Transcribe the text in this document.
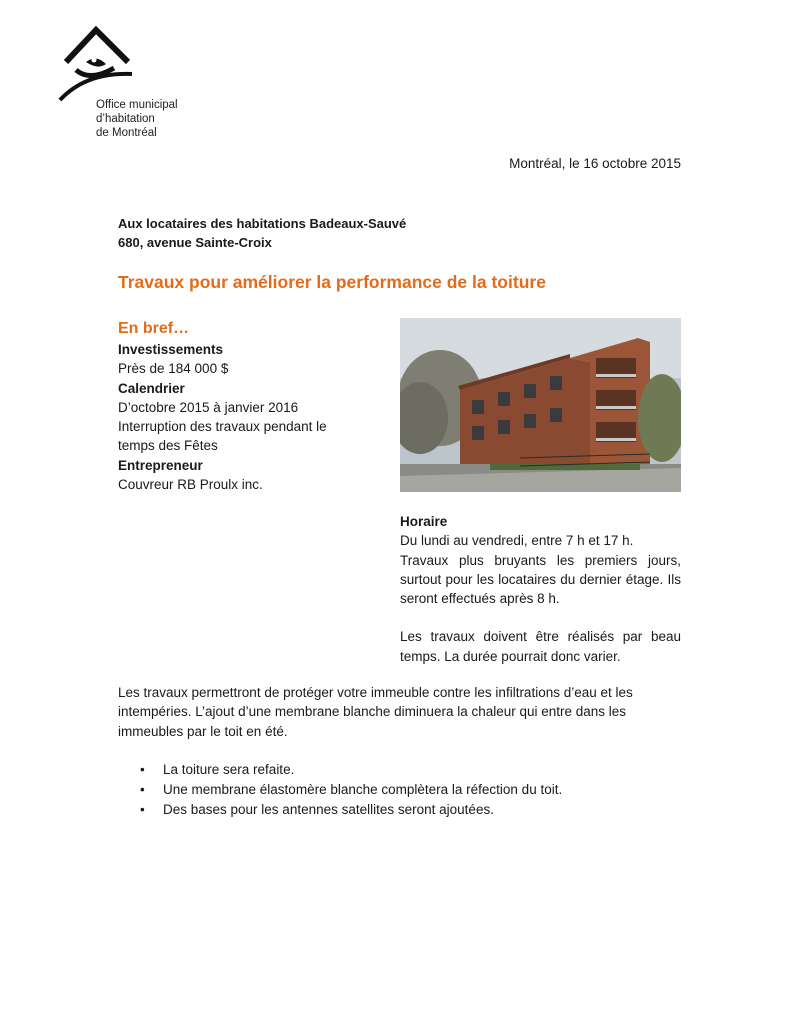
Office municipal
d’habitation
de Montréal
Montréal, le 16 octobre 2015
Aux locataires des habitations Badeaux-Sauvé
680, avenue Sainte-Croix
Travaux pour améliorer la performance de la toiture
En bref…
Investissements
Près de 184 000 $
Calendrier
D’octobre 2015 à janvier 2016
Interruption des travaux pendant le temps des Fêtes
Entrepreneur
Couvreur RB Proulx inc.
Horaire
Du lundi au vendredi, entre 7 h et 17 h.
Travaux plus bruyants les premiers jours, surtout pour les locataires du dernier étage. Ils seront effectués après 8 h.
Les travaux doivent être réalisés par beau temps. La durée pourrait donc varier.
Les travaux permettront de protéger votre immeuble contre les infiltrations d’eau et les intempéries. L’ajout d’une membrane blanche diminuera la chaleur qui entre dans les immeubles par le toit en été.
• La toiture sera refaite.
• Une membrane élastomère blanche complètera la réfection du toit.
• Des bases pour les antennes satellites seront ajoutées.
